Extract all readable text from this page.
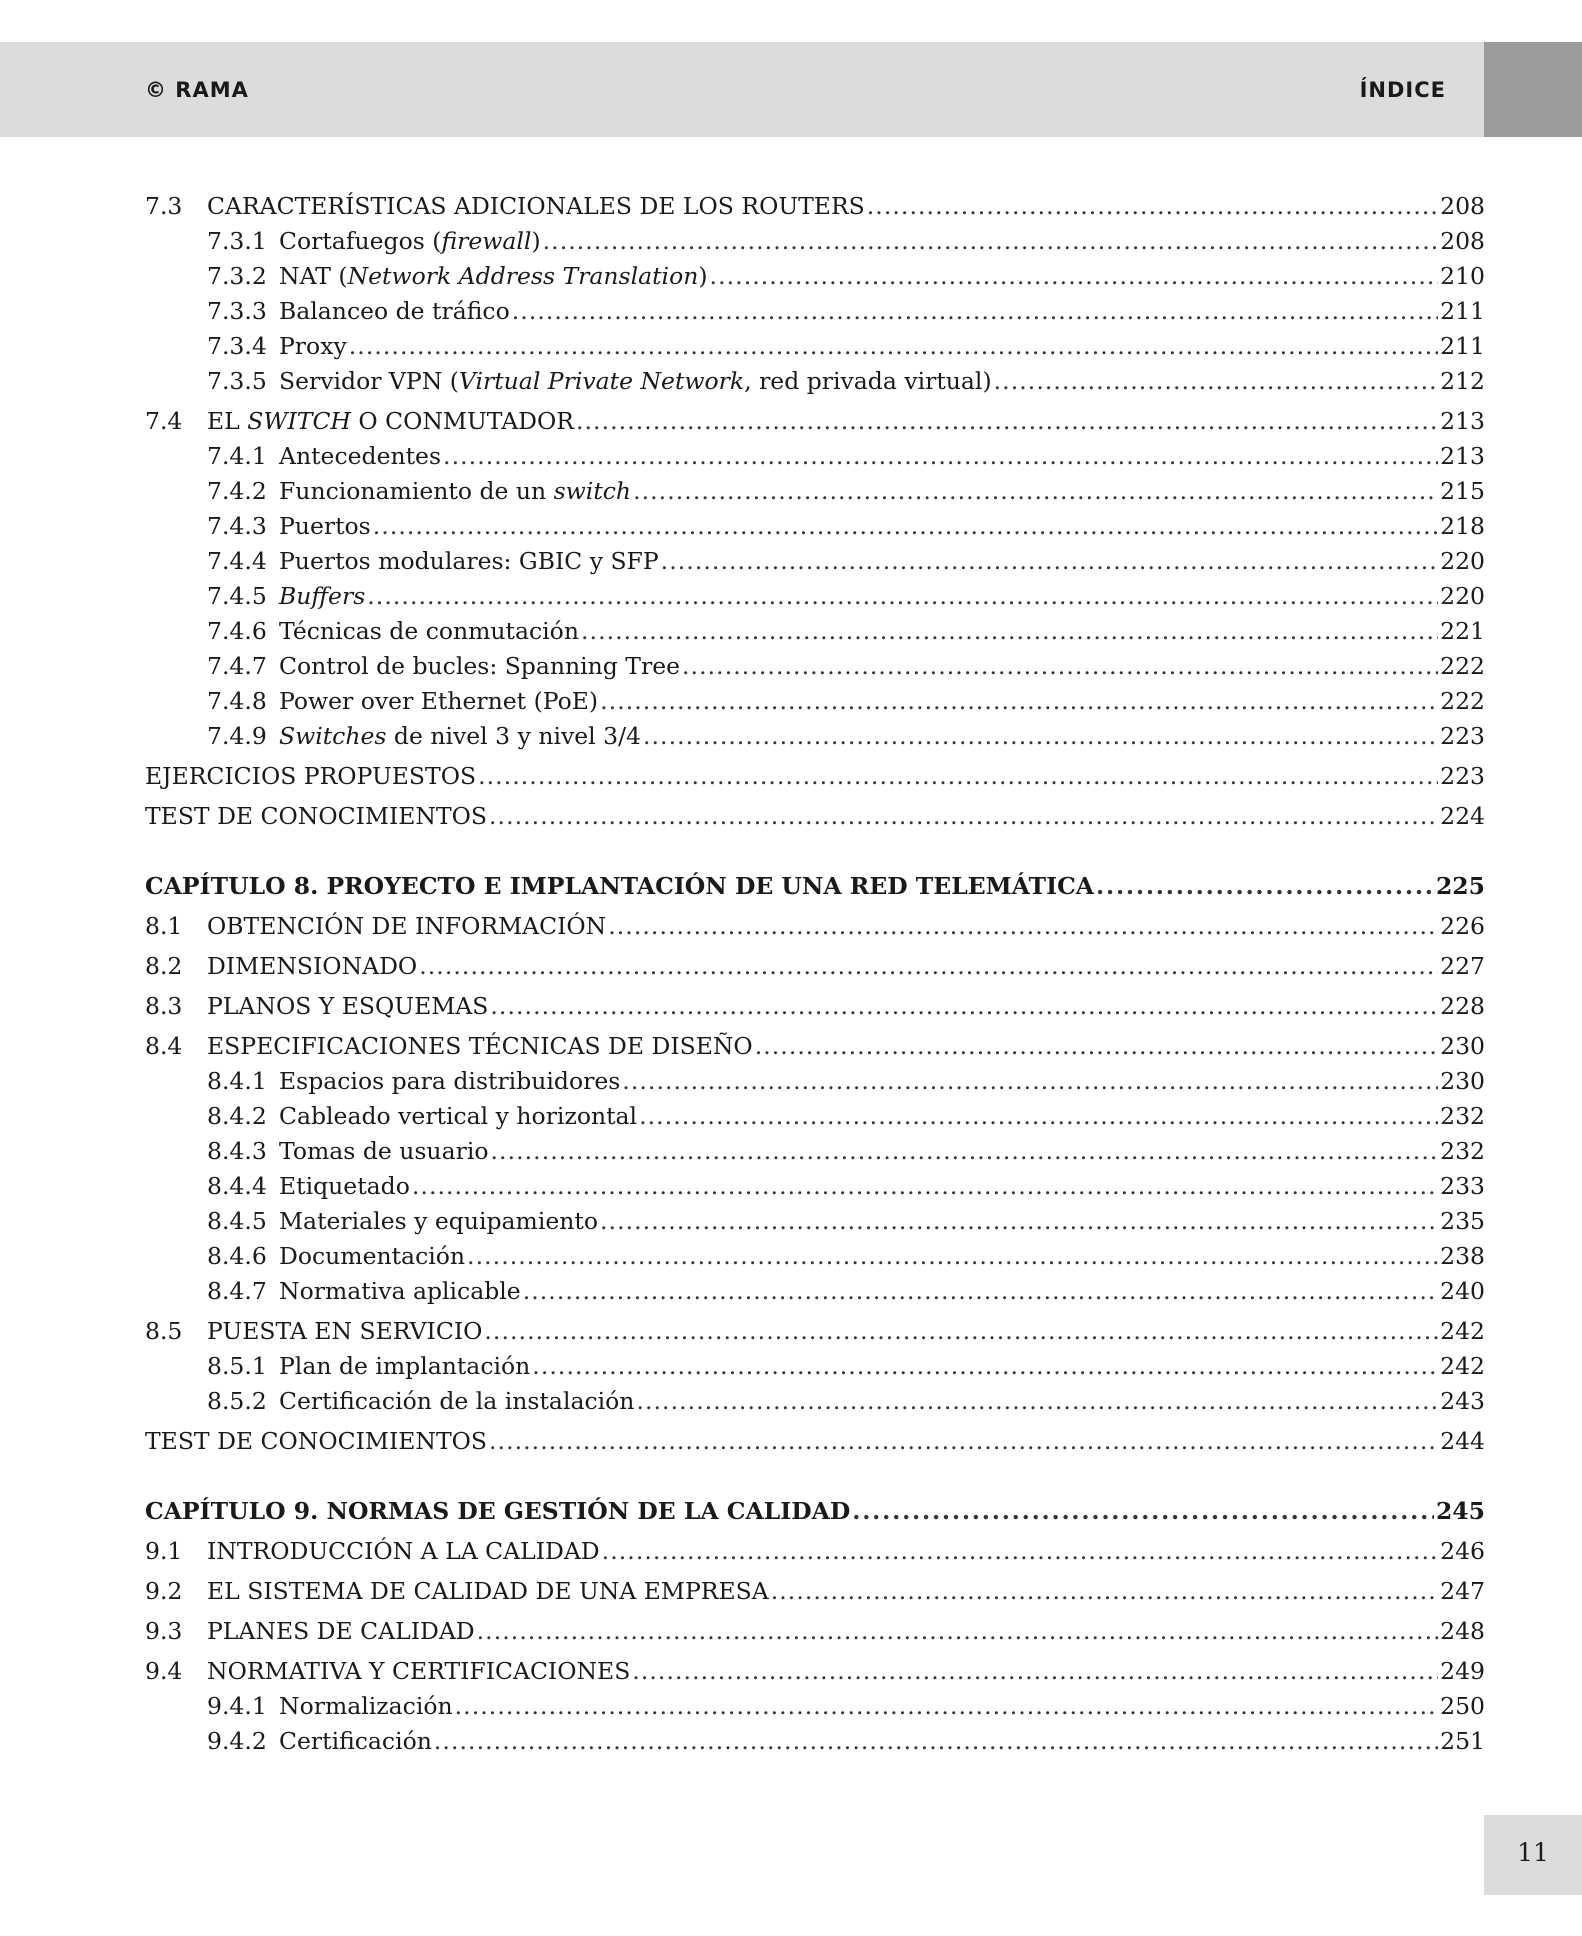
© RAMA	ÍNDICE
7.3	CARACTERÍSTICAS ADICIONALES DE LOS ROUTERS . . .	208
7.3.1 Cortafuegos (firewall) . . .	208
7.3.2 NAT (Network Address Translation) . . .	210
7.3.3 Balanceo de tráfico . . .	211
7.3.4 Proxy . . .	211
7.3.5 Servidor VPN (Virtual Private Network, red privada virtual) . . .	212
7.4	EL SWITCH O CONMUTADOR . . .	213
7.4.1 Antecedentes . . .	213
7.4.2 Funcionamiento de un switch . . .	215
7.4.3 Puertos . . .	218
7.4.4 Puertos modulares: GBIC y SFP . . .	220
7.4.5 Buffers . . .	220
7.4.6 Técnicas de conmutación . . .	221
7.4.7 Control de bucles: Spanning Tree . . .	222
7.4.8 Power over Ethernet (PoE) . . .	222
7.4.9 Switches de nivel 3 y nivel 3/4 . . .	223
EJERCICIOS PROPUESTOS . . .	223
TEST DE CONOCIMIENTOS . . .	224
CAPÍTULO 8. PROYECTO E IMPLANTACIÓN DE UNA RED TELEMÁTICA . . .	225
8.1	OBTENCIÓN DE INFORMACIÓN . . .	226
8.2	DIMENSIONADO . . .	227
8.3	PLANOS Y ESQUEMAS . . .	228
8.4	ESPECIFICACIONES TÉCNICAS DE DISEÑO . . .	230
8.4.1 Espacios para distribuidores . . .	230
8.4.2 Cableado vertical y horizontal . . .	232
8.4.3 Tomas de usuario . . .	232
8.4.4 Etiquetado . . .	233
8.4.5 Materiales y equipamiento . . .	235
8.4.6 Documentación . . .	238
8.4.7 Normativa aplicable . . .	240
8.5	PUESTA EN SERVICIO . . .	242
8.5.1 Plan de implantación . . .	242
8.5.2 Certificación de la instalación . . .	243
TEST DE CONOCIMIENTOS . . .	244
CAPÍTULO 9. NORMAS DE GESTIÓN DE LA CALIDAD . . .	245
9.1	INTRODUCCIÓN A LA CALIDAD . . .	246
9.2	EL SISTEMA DE CALIDAD DE UNA EMPRESA . . .	247
9.3	PLANES DE CALIDAD . . .	248
9.4	NORMATIVA Y CERTIFICACIONES . . .	249
9.4.1 Normalización . . .	250
9.4.2 Certificación . . .	251
11
